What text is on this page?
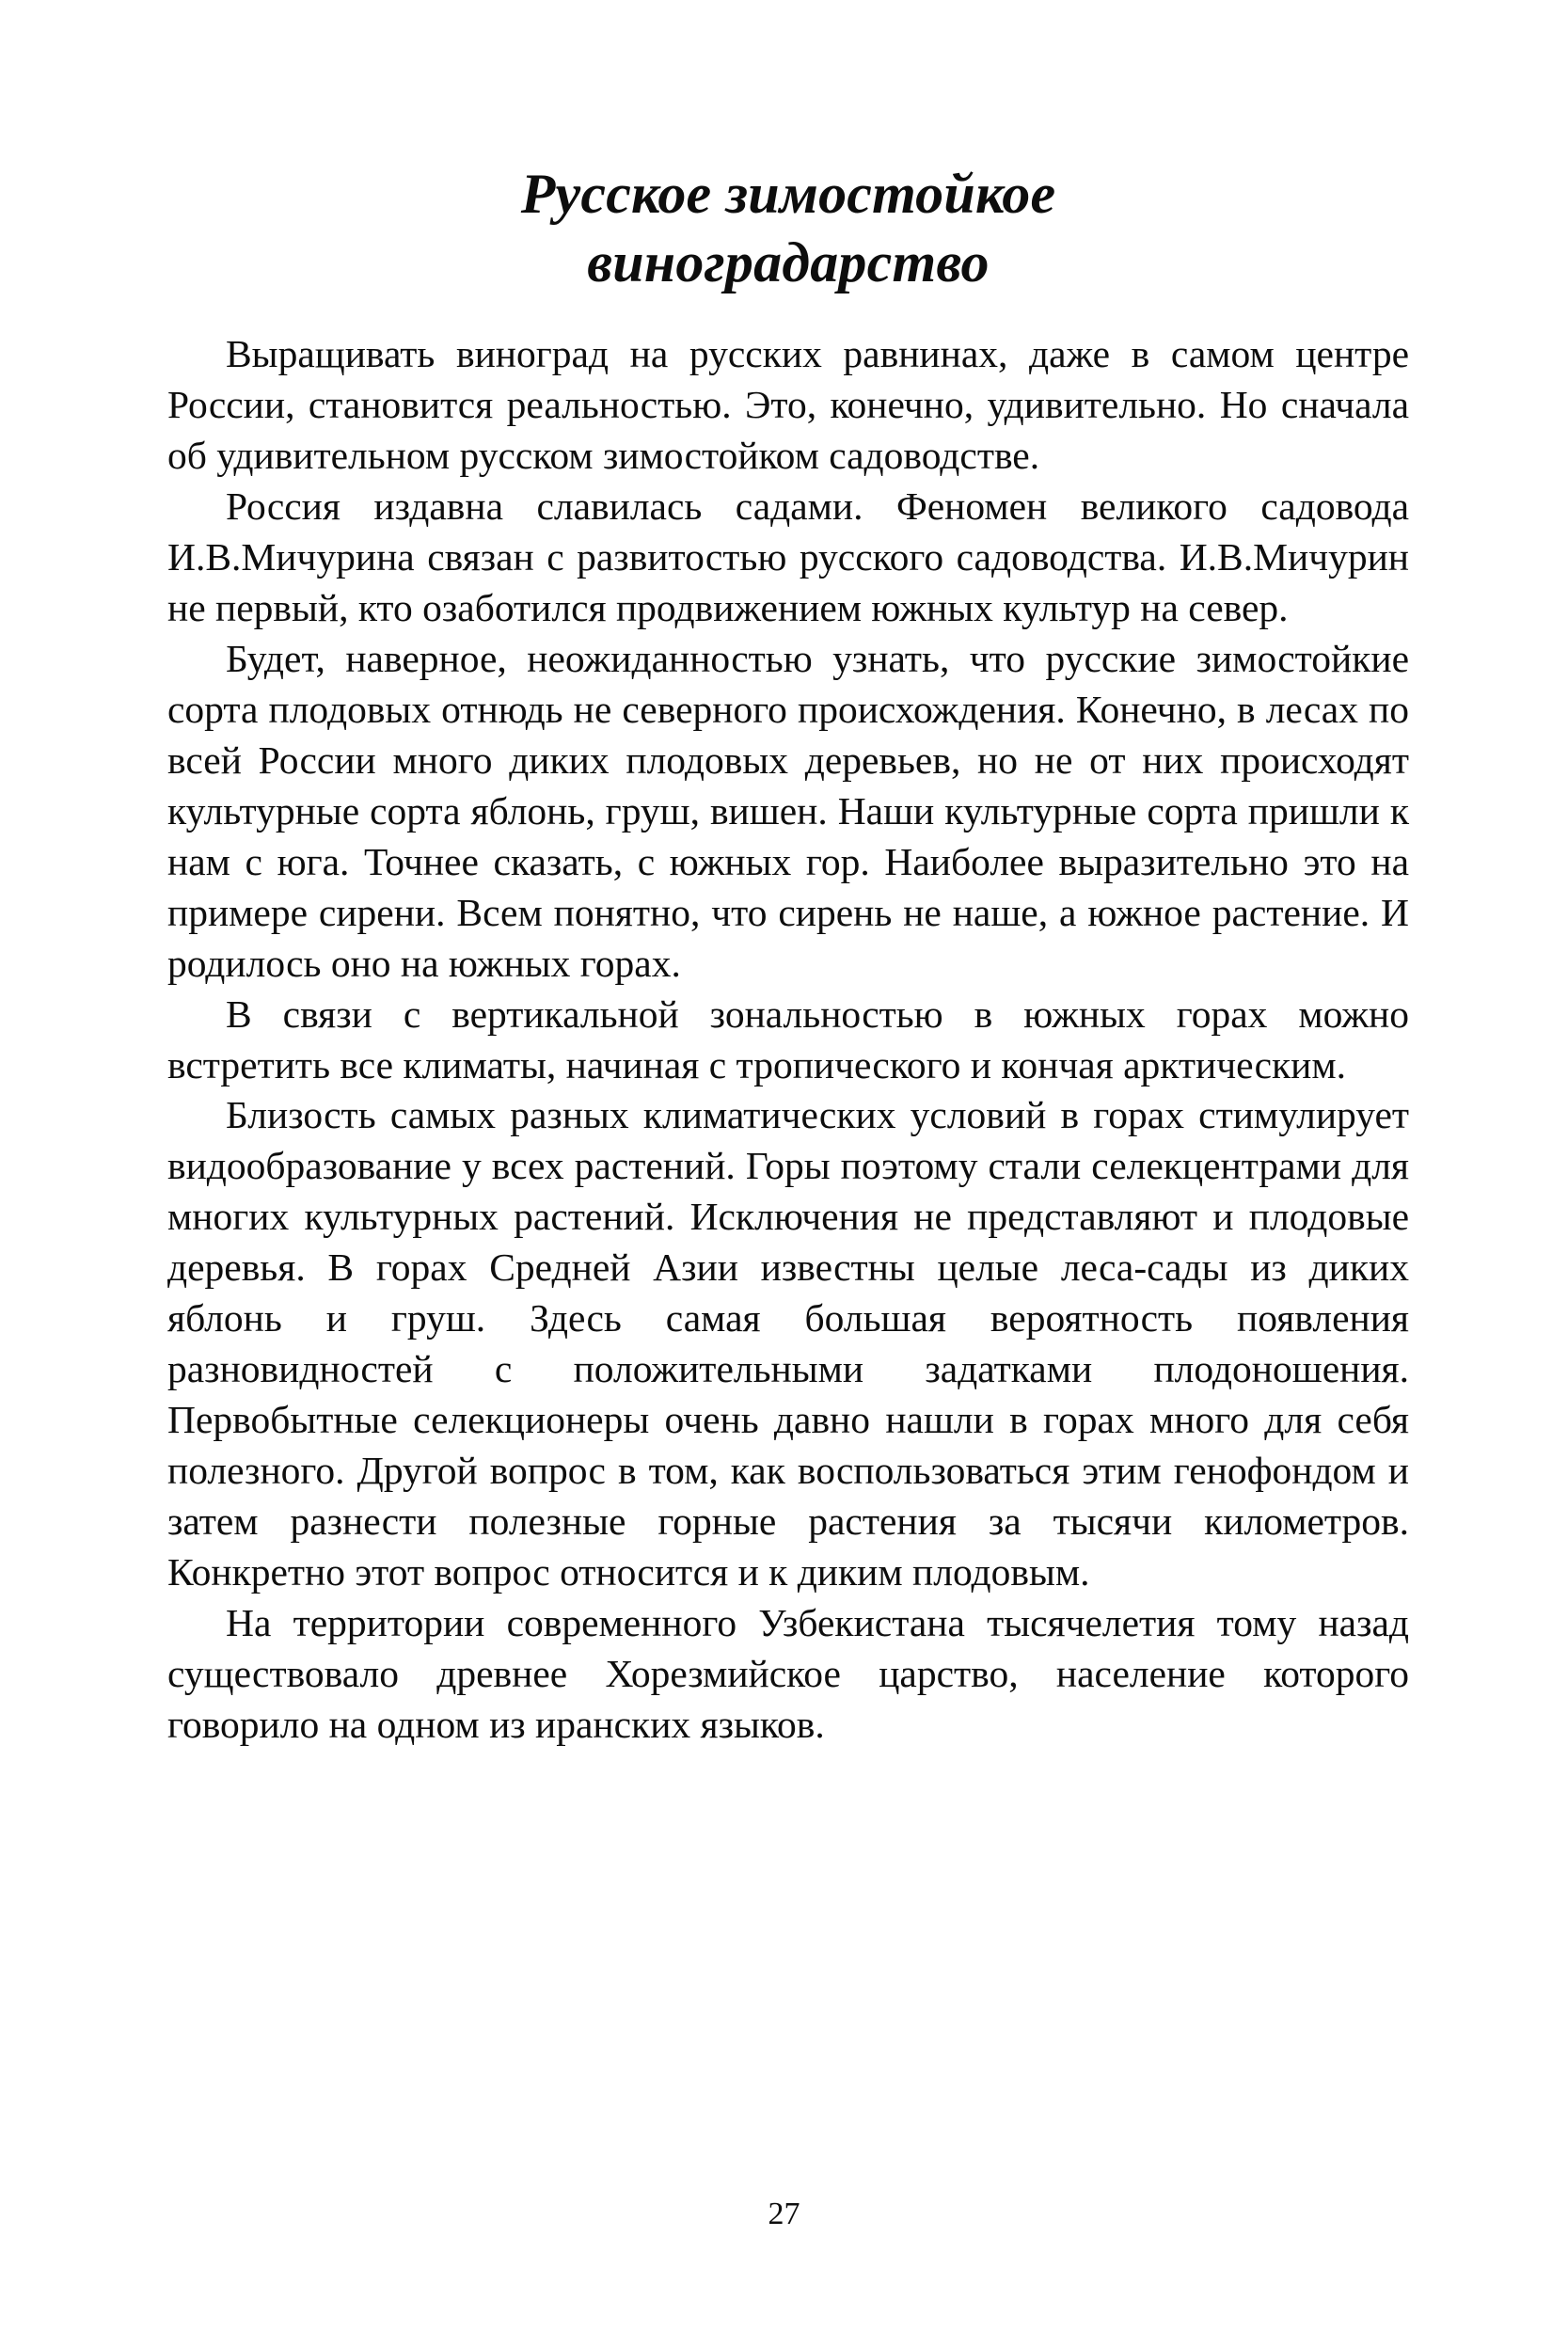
Русское зимостойкое
виноградарство

Выращивать виноград на русских равнинах, даже в самом центре России, становится реальностью. Это, конечно, удивительно. Но сначала об удивительном русском зимостойком садоводстве.

Россия издавна славилась садами. Феномен великого садовода И.В.Мичурина связан с развитостью русского садоводства. И.В.Мичурин не первый, кто озаботился продвижением южных культур на север.

Будет, наверное, неожиданностью узнать, что русские зимостойкие сорта плодовых отнюдь не северного происхождения. Конечно, в лесах по всей России много диких плодовых деревьев, но не от них происходят культурные сорта яблонь, груш, вишен. Наши культурные сорта пришли к нам с юга. Точнее сказать, с южных гор. Наиболее выразительно это на примере сирени. Всем понятно, что сирень не наше, а южное растение. И родилось оно на южных горах.

В связи с вертикальной зональностью в южных горах можно встретить все климаты, начиная с тропического и кончая арктическим.

Близость самых разных климатических условий в горах стимулирует видообразование у всех растений. Горы поэтому стали селекцентрами для многих культурных растений. Исключения не представляют и плодовые деревья. В горах Средней Азии известны целые леса-сады из диких яблонь и груш. Здесь самая большая вероятность появления разновидностей с положительными задатками плодоношения. Первобытные селекционеры очень давно нашли в горах много для себя полезного. Другой вопрос в том, как воспользоваться этим генофондом и затем разнести полезные горные растения за тысячи километров. Конкретно этот вопрос относится и к диким плодовым.

На территории современного Узбекистана тысячелетия тому назад существовало древнее Хорезмийское царство, население которого говорило на одном из иранских языков.

27
